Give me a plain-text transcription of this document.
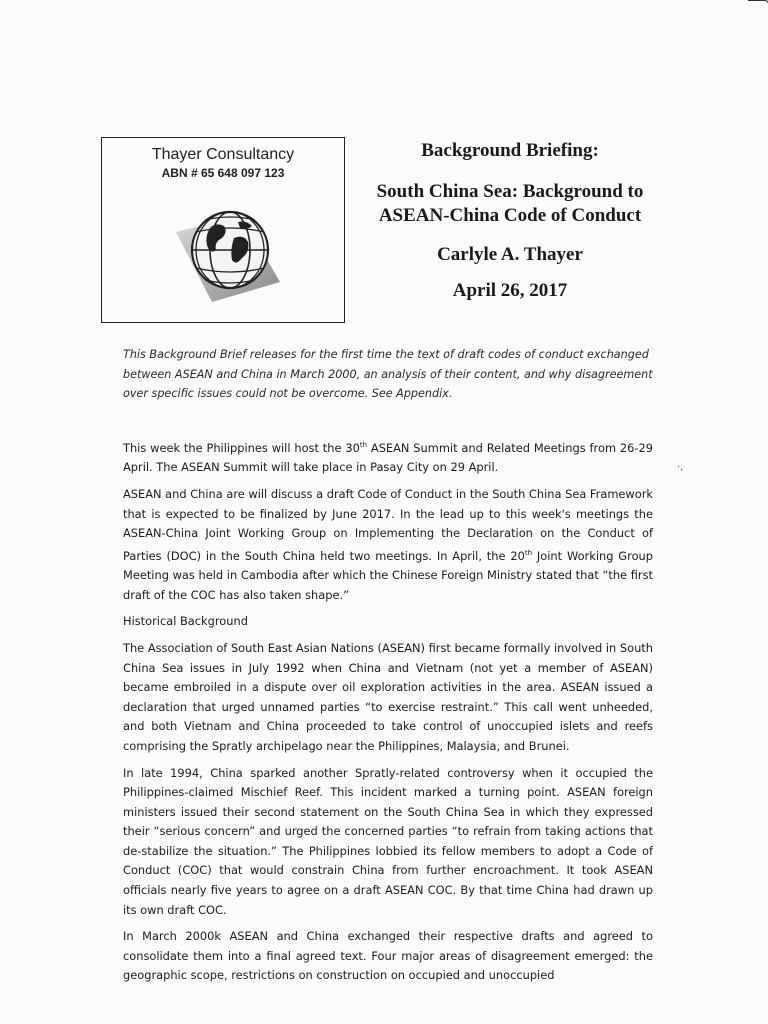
Thayer Consultancy
ABN # 65 648 097 123
Background Briefing:
South China Sea: Background to
ASEAN-China Code of Conduct
Carlyle A. Thayer
April 26, 2017
This Background Brief releases for the first time the text of draft codes of conduct exchanged between ASEAN and China in March 2000, an analysis of their content, and why disagreement over specific issues could not be overcome. See Appendix.
·,

This week the Philippines will host the 30th ASEAN Summit and Related Meetings from 26-29 April. The ASEAN Summit will take place in Pasay City on 29 April.

ASEAN and China are will discuss a draft Code of Conduct in the South China Sea Framework that is expected to be finalized by June 2017. In the lead up to this week's meetings the ASEAN-China Joint Working Group on Implementing the Declaration on the Conduct of Parties (DOC) in the South China held two meetings. In April, the 20th Joint Working Group Meeting was held in Cambodia after which the Chinese Foreign Ministry stated that “the first draft of the COC has also taken shape.”

Historical Background

The Association of South East Asian Nations (ASEAN) first became formally involved in South China Sea issues in July 1992 when China and Vietnam (not yet a member of ASEAN) became embroiled in a dispute over oil exploration activities in the area. ASEAN issued a declaration that urged unnamed parties “to exercise restraint.” This call went unheeded, and both Vietnam and China proceeded to take control of unoccupied islets and reefs comprising the Spratly archipelago near the Philippines, Malaysia, and Brunei.

In late 1994, China sparked another Spratly-related controversy when it occupied the Philippines-claimed Mischief Reef. This incident marked a turning point. ASEAN foreign ministers issued their second statement on the South China Sea in which they expressed their “serious concern” and urged the concerned parties “to refrain from taking actions that de-stabilize the situation.” The Philippines lobbied its fellow members to adopt a Code of Conduct (COC) that would constrain China from further encroachment. It took ASEAN officials nearly five years to agree on a draft ASEAN COC. By that time China had drawn up its own draft COC.

In March 2000k ASEAN and China exchanged their respective drafts and agreed to consolidate them into a final agreed text. Four major areas of disagreement emerged: the geographic scope, restrictions on construction on occupied and unoccupied
